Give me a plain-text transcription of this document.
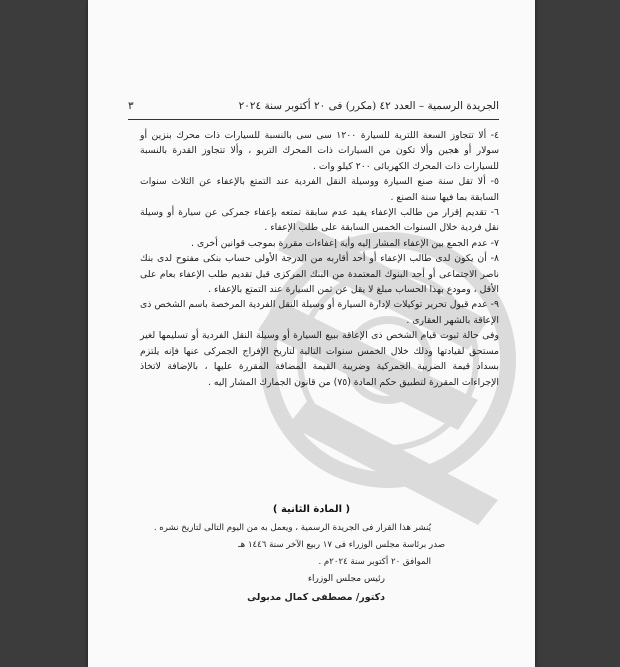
الجريدة الرسمية – العدد ٤٢ (مكرر) فى ٢٠ أكتوبر سنة ٢٠٢٤
٣

٤- ألا تتجاوز السعة اللترية للسيارة ١٢٠٠ سى سى بالنسبة للسيارات ذات محرك بنزين أو سولار أو هجين وألا تكون من السيارات ذات المحرك التربو ، وألا تتجاوز القدرة بالنسبة للسيارات ذات المحرك الكهربائى ٢٠٠ كيلو وات .

٥- ألا تقل سنة صنع السيارة ووسيلة النقل الفردية عند التمتع بالإعفاء عن الثلاث سنوات السابقة بما فيها سنة الصنع .

٦- تقديم إقرار من طالب الإعفاء يفيد عدم سابقة تمتعه بإعفاء جمركى عن سيارة أو وسيلة نقل فردية خلال السنوات الخمس السابقة على طلب الإعفاء .

٧- عدم الجمع بين الإعفاء المشار إليه وأية إعفاءات مقررة بموجب قوانين أخرى .

٨- أن يكون لدى طالب الإعفاء أو أحد أقاربه من الدرجة الأولى حساب بنكى مفتوح لدى بنك ناصر الاجتماعى أو أحد البنوك المعتمدة من البنك المركزى قبل تقديم طلب الإعفاء بعام على الأقل ، ومودع بهذا الحساب مبلغ لا يقل عن ثمن السيارة عند التمتع بالإعفاء .

٩- عدم قبول تحرير توكيلات لإدارة السيارة أو وسيلة النقل الفردية المرخصة باسم الشخص ذى الإعاقة بالشهر العقارى .

وفى حالة ثبوت قيام الشخص ذى الإعاقة ببيع السيارة أو وسيلة النقل الفردية أو تسليمها لغير مستحق لقيادتها وذلك خلال الخمس سنوات التالية لتاريخ الإفراج الجمركى عنها فإنه يلتزم بسداد قيمة الضريبة الجمركية وضريبة القيمة المضافة المقررة عليها ، بالإضافة لاتخاذ الإجراءات المقررة لتطبيق حكم المادة (٧٥) من قانون الجمارك المشار إليه .

( المادة الثانية )
يُنشر هذا القرار فى الجريدة الرسمية ، ويعمل به من اليوم التالى لتاريخ نشره .
صدر برئاسة مجلس الوزراء فى ١٧ ربيع الآخر سنة ١٤٤٦ هـ
الموافق ٢٠ أكتوبر سنة ٢٠٢٤م .
رئيس مجلس الوزراء
دكتور/ مصطفى كمال مدبولى
